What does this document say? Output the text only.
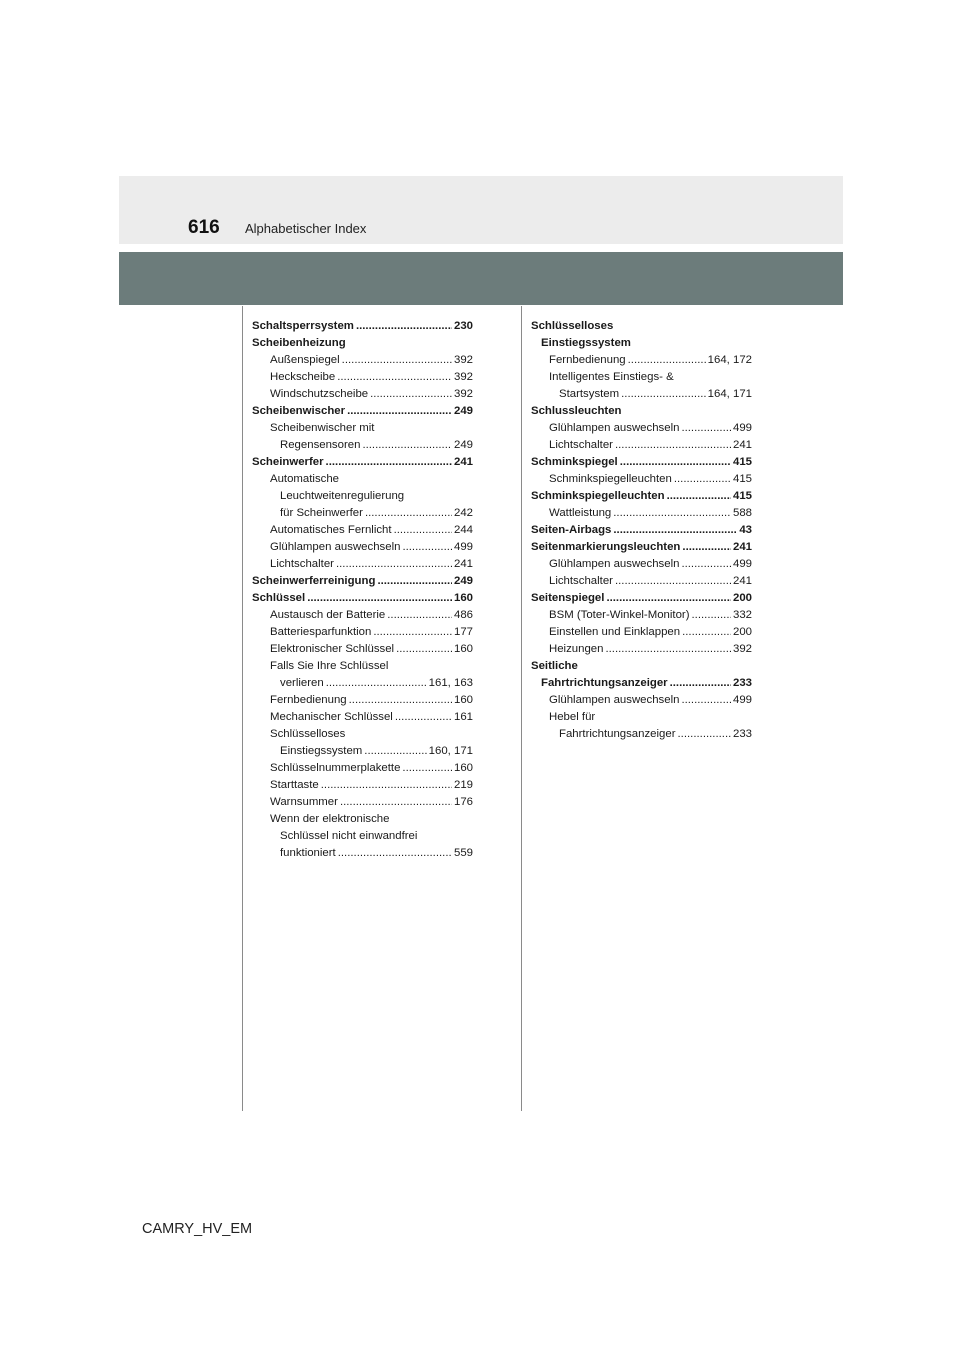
616 Alphabetischer Index
Schaltsperrsystem .....	230
Scheibenheizung
Außenspiegel .....	392
Heckscheibe .....	392
Windschutzscheibe .....	392
Scheibenwischer .....	249
Scheibenwischer mit
Regensensoren .....	249
Scheinwerfer .....	241
Automatische
Leuchtweitenregulierung
für Scheinwerfer .....	242
Automatisches Fernlicht .....	244
Glühlampen auswechseln .....	499
Lichtschalter .....	241
Scheinwerferreinigung .....	249
Schlüssel .....	160
Austausch der Batterie .....	486
Batteriesparfunktion .....	177
Elektronischer Schlüssel .....	160
Falls Sie Ihre Schlüssel
verlieren .....	161, 163
Fernbedienung .....	160
Mechanischer Schlüssel .....	161
Schlüsselloses
Einstiegssystem .....	160, 171
Schlüsselnummerplakette .....	160
Starttaste .....	219
Warnsummer .....	176
Wenn der elektronische
Schlüssel nicht einwandfrei
funktioniert .....	559
Schlüsselloses
Einstiegssystem
Fernbedienung .....	164, 172
Intelligentes Einstiegs- &
Startsystem .....	164, 171
Schlussleuchten
Glühlampen auswechseln .....	499
Lichtschalter .....	241
Schminkspiegel .....	415
Schminkspiegelleuchten .....	415
Schminkspiegelleuchten .....	415
Wattleistung .....	588
Seiten-Airbags .....	43
Seitenmarkierungsleuchten .....	241
Glühlampen auswechseln .....	499
Lichtschalter .....	241
Seitenspiegel .....	200
BSM (Toter-Winkel-Monitor) .....	332
Einstellen und Einklappen .....	200
Heizungen .....	392
Seitliche
Fahrtrichtungsanzeiger .....	233
Glühlampen auswechseln .....	499
Hebel für
Fahrtrichtungsanzeiger .....	233
CAMRY_HV_EM
